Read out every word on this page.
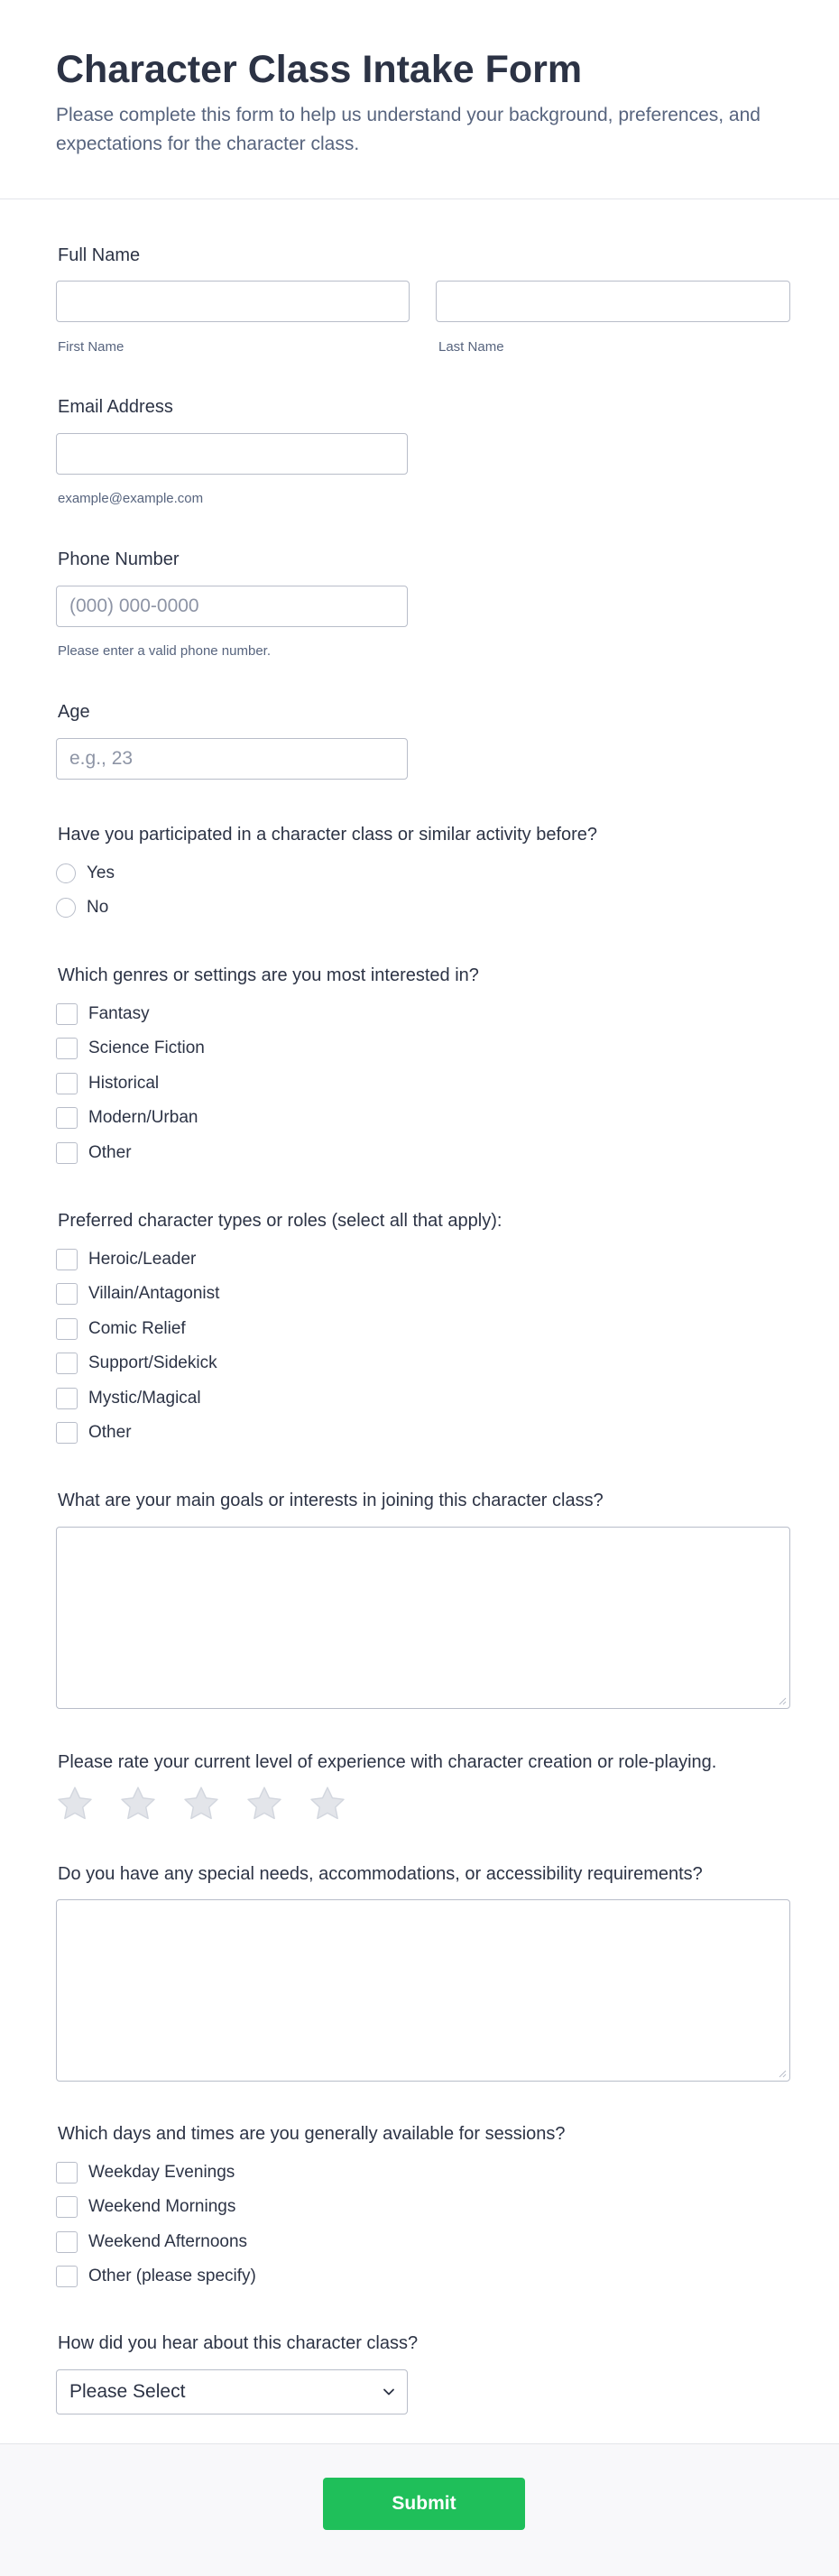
Character Class Intake Form

Please complete this form to help us understand your background, preferences, and expectations for the character class.

Full Name
First Name	Last Name
Email Address
example@example.com
Phone Number
(000) 000-0000
Please enter a valid phone number.
Age
e.g., 23
Have you participated in a character class or similar activity before?
Yes
No
Which genres or settings are you most interested in?
Fantasy
Science Fiction
Historical
Modern/Urban
Other
Preferred character types or roles (select all that apply):
Heroic/Leader
Villain/Antagonist
Comic Relief
Support/Sidekick
Mystic/Magical
Other
What are your main goals or interests in joining this character class?
Please rate your current level of experience with character creation or role-playing.
Do you have any special needs, accommodations, or accessibility requirements?
Which days and times are you generally available for sessions?
Weekday Evenings
Weekend Mornings
Weekend Afternoons
Other (please specify)
How did you hear about this character class?
Please Select
Submit
